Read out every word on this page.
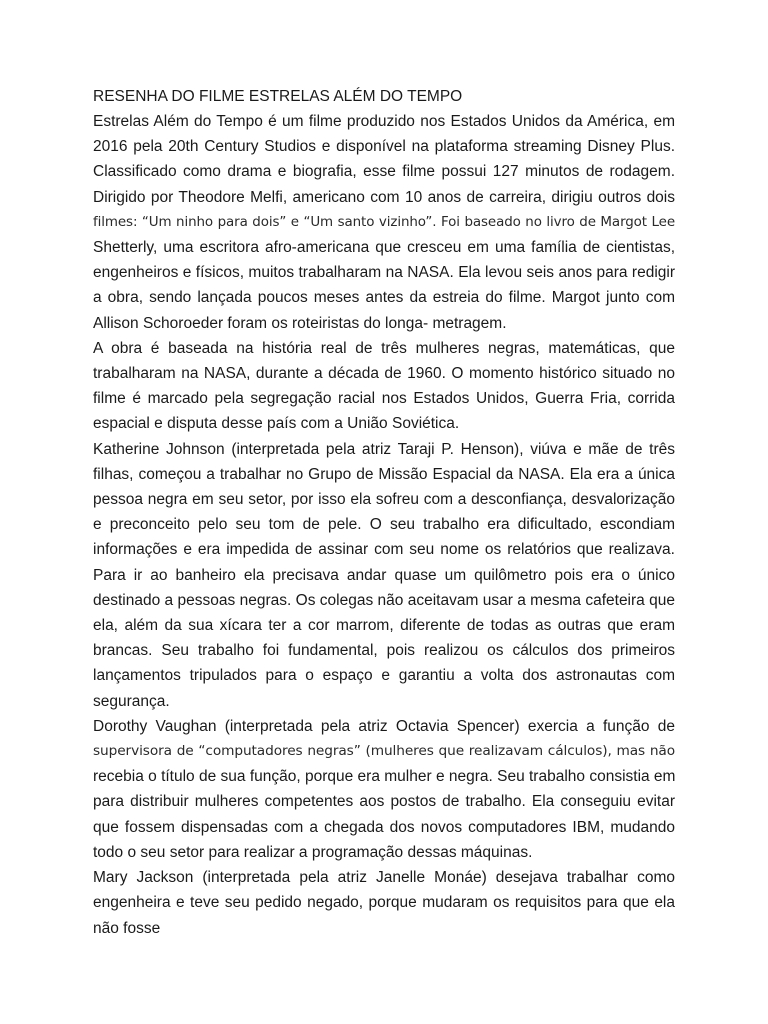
RESENHA DO FILME ESTRELAS ALÉM DO TEMPO

Estrelas Além do Tempo é um filme produzido nos Estados Unidos da América, em
2016 pela 20th Century Studios e disponível na plataforma streaming Disney Plus.
Classificado como drama e biografia, esse filme possui 127 minutos de rodagem.
Dirigido por Theodore Melfi, americano com 10 anos de carreira, dirigiu outros dois
filmes: “Um ninho para dois” e “Um santo vizinho”. Foi baseado no livro de Margot Lee
Shetterly, uma escritora afro-americana que cresceu em uma família de cientistas,
engenheiros e físicos, muitos trabalharam na NASA. Ela levou seis anos para redigir
a obra, sendo lançada poucos meses antes da estreia do filme. Margot junto com
Allison Schoroeder foram os roteiristas do longa- metragem.

A obra é baseada na história real de três mulheres negras, matemáticas, que
trabalharam na NASA, durante a década de 1960. O momento histórico situado no
filme é marcado pela segregação racial nos Estados Unidos, Guerra Fria, corrida
espacial e disputa desse país com a União Soviética.

Katherine Johnson (interpretada pela atriz Taraji P. Henson), viúva e mãe de três
filhas, começou a trabalhar no Grupo de Missão Espacial da NASA. Ela era a única
pessoa negra em seu setor, por isso ela sofreu com a desconfiança, desvalorização
e preconceito pelo seu tom de pele. O seu trabalho era dificultado, escondiam
informações e era impedida de assinar com seu nome os relatórios que realizava.
Para ir ao banheiro ela precisava andar quase um quilômetro pois era o único
destinado a pessoas negras. Os colegas não aceitavam usar a mesma cafeteira que
ela, além da sua xícara ter a cor marrom, diferente de todas as outras que eram
brancas. Seu trabalho foi fundamental, pois realizou os cálculos dos primeiros
lançamentos tripulados para o espaço e garantiu a volta dos astronautas com
segurança.

Dorothy Vaughan (interpretada pela atriz Octavia Spencer) exercia a função de
supervisora de “computadores negras” (mulheres que realizavam cálculos), mas não
recebia o título de sua função, porque era mulher e negra. Seu trabalho consistia em
para distribuir mulheres competentes aos postos de trabalho. Ela conseguiu evitar
que fossem dispensadas com a chegada dos novos computadores IBM, mudando
todo o seu setor para realizar a programação dessas máquinas.

Mary Jackson (interpretada pela atriz Janelle Monáe) desejava trabalhar como
engenheira e teve seu pedido negado, porque mudaram os requisitos para que ela
não fosse
